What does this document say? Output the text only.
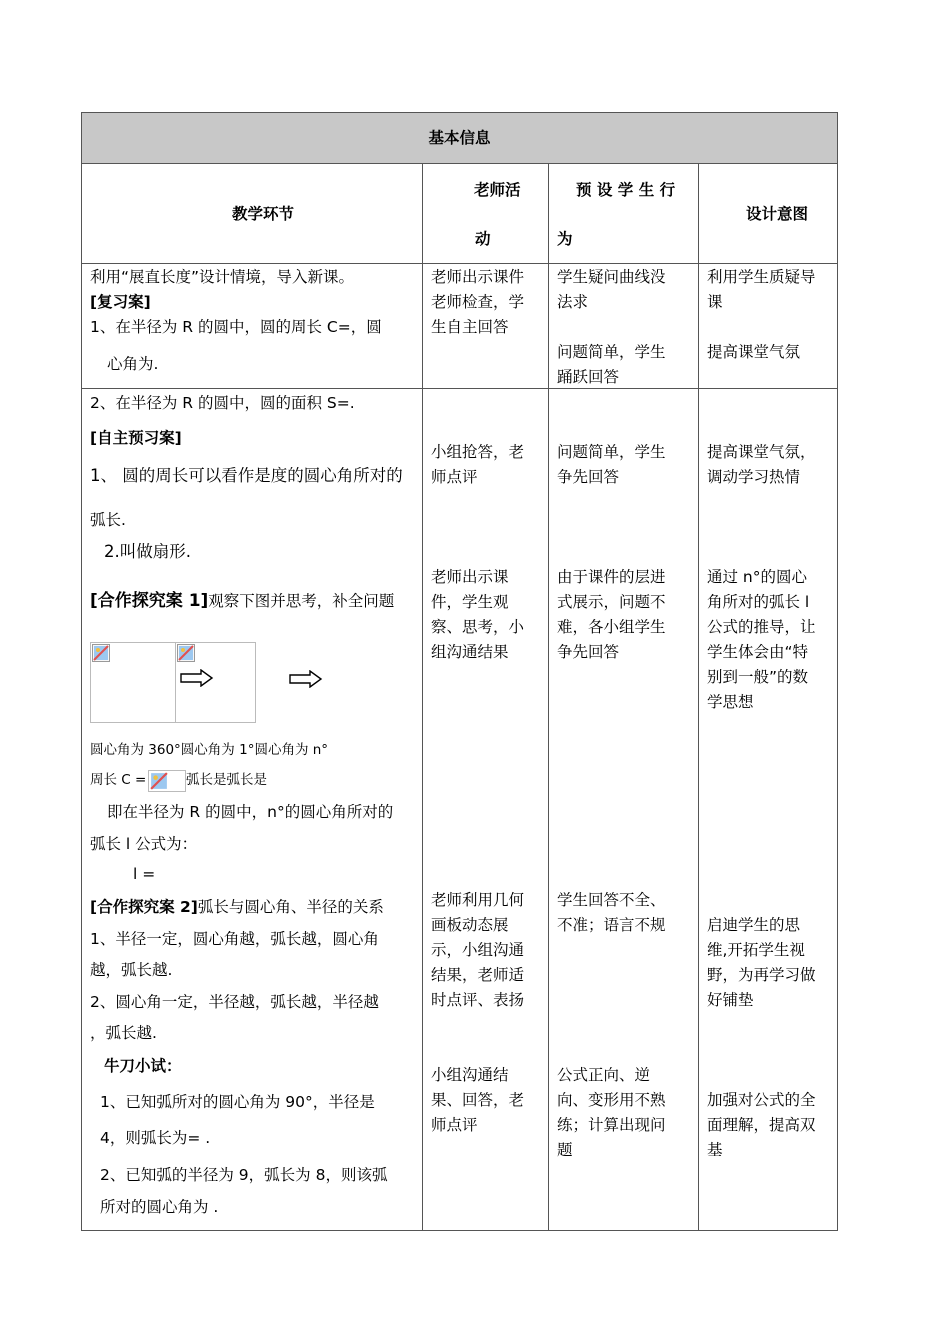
基本信息
教学环节
老师活
动
预 设 学 生 行
为
设计意图
利用“展直长度”设计情境，导入新课。
[复习案]
1、在半径为 R 的圆中，圆的周长 C=，圆
心角为.
老师出示课件
老师检查，学
生自主回答
学生疑问曲线没
法求
问题简单，学生
踊跃回答
利用学生质疑导
课
提高课堂气氛
2、在半径为 R 的圆中，圆的面积 S=.
[自主预习案]
1、 圆的周长可以看作是度的圆心角所对的
弧长.
2.叫做扇形.
[合作探究案 1]观察下图并思考，补全问题
圆心角为 360°圆心角为 1°圆心角为 n°
周长 C =	弧长是弧长是
即在半径为 R 的圆中，n°的圆心角所对的
弧长 l 公式为：
l =
[合作探究案 2]弧长与圆心角、半径的关系
1、半径一定，圆心角越，弧长越，圆心角
越，弧长越.
2、圆心角一定，半径越，弧长越，半径越
，弧长越.
牛刀小试：
1、已知弧所对的圆心角为 90°，半径是
4，则弧长为= .
2、已知弧的半径为 9，弧长为 8，则该弧
所对的圆心角为 .
小组抢答，老
师点评
老师出示课
件，学生观
察、思考，小
组沟通结果
老师利用几何
画板动态展
示，小组沟通
结果，老师适
时点评、表扬
小组沟通结
果、回答，老
师点评
问题简单，学生
争先回答
由于课件的层进
式展示，问题不
难，各小组学生
争先回答
学生回答不全、
不准；语言不规
公式正向、逆
向、变形用不熟
练；计算出现问
题
提高课堂气氛，
调动学习热情
通过 n°的圆心
角所对的弧长 l
公式的推导，让
学生体会由“特
别到一般”的数
学思想
启迪学生的思
维,开拓学生视
野，为再学习做
好铺垫
加强对公式的全
面理解，提高双
基
